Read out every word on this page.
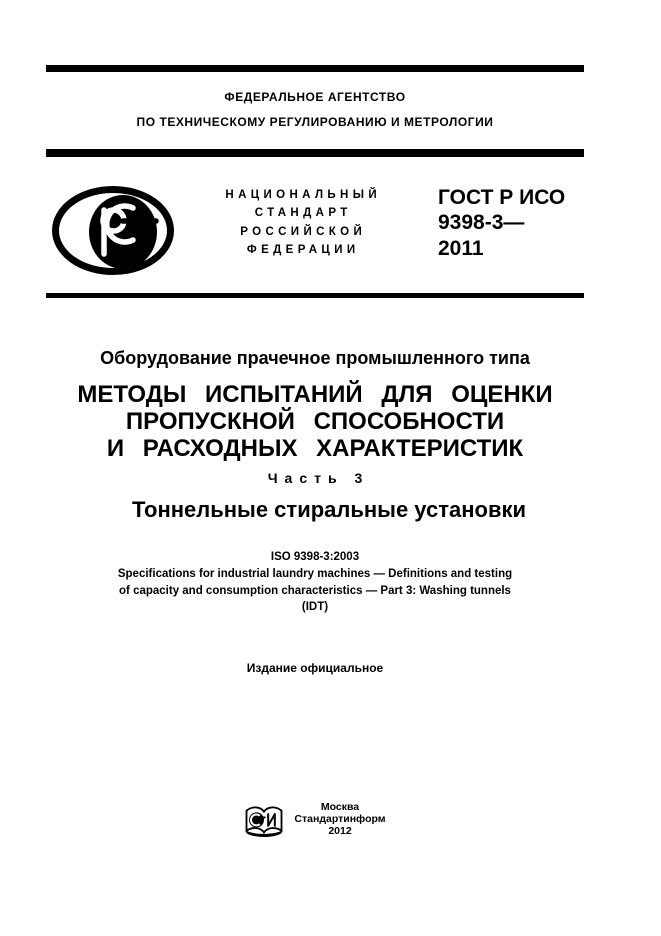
ФЕДЕРАЛЬНОЕ АГЕНТСТВО
ПО ТЕХНИЧЕСКОМУ РЕГУЛИРОВАНИЮ И МЕТРОЛОГИИ
НАЦИОНАЛЬНЫЙ
СТАНДАРТ
РОССИЙСКОЙ
ФЕДЕРАЦИИ
ГОСТ Р ИСО
9398-3—
2011
Оборудование прачечное промышленного типа
МЕТОДЫ ИСПЫТАНИЙ ДЛЯ ОЦЕНКИ
ПРОПУСКНОЙ СПОСОБНОСТИ
И РАСХОДНЫХ ХАРАКТЕРИСТИК
Часть 3
Тоннельные стиральные установки
ISO 9398-3:2003
Specifications for industrial laundry machines — Definitions and testing
of capacity and consumption characteristics — Part 3: Washing tunnels
(IDT)
Издание официальное
Москва
Стандартинформ
2012
